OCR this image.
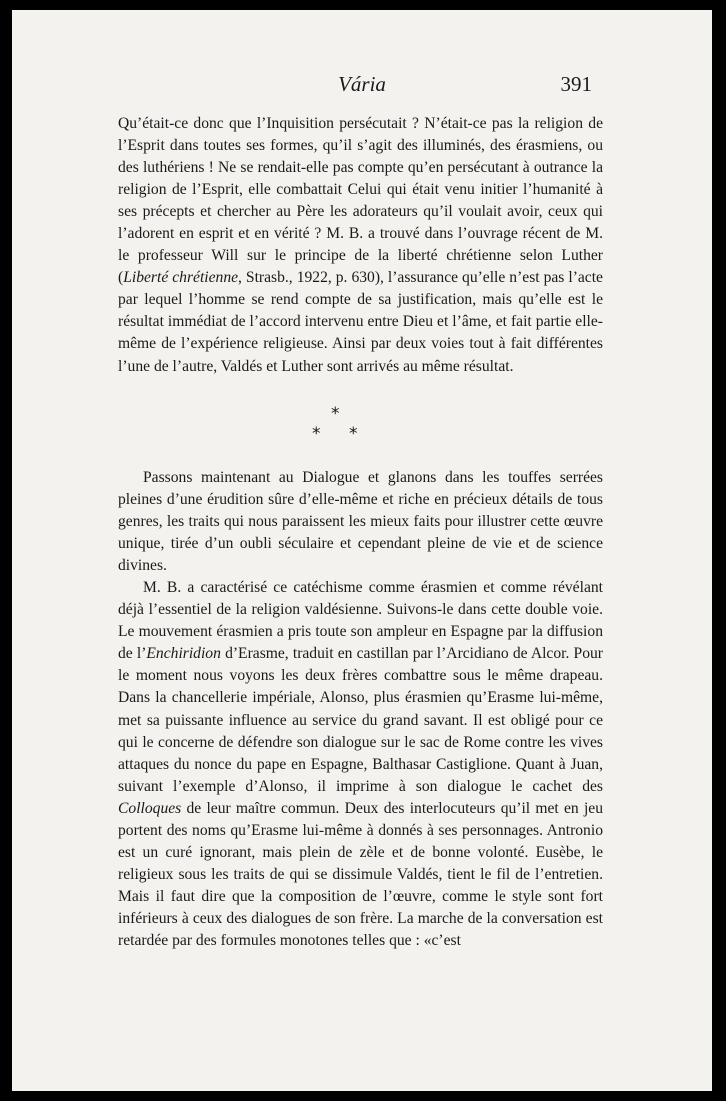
Vária	391

Qu’était-ce donc que l’Inquisition persécutait ? N’était-ce pas la religion de l’Esprit dans toutes ses formes, qu’il s’agit des illuminés, des érasmiens, ou des luthériens ! Ne se rendait-elle pas compte qu’en persécutant à outrance la religion de l’Esprit, elle combattait Celui qui était venu initier l’humanité à ses précepts et chercher au Père les adorateurs qu’il voulait avoir, ceux qui l’adorent en esprit et en vérité ? M. B. a trouvé dans l’ouvrage récent de M. le professeur Will sur le principe de la liberté chrétienne selon Luther (Liberté chrétienne, Strasb., 1922, p. 630), l’assurance qu’elle n’est pas l’acte par lequel l’homme se rend compte de sa justification, mais qu’elle est le résultat immédiat de l’accord intervenu entre Dieu et l’âme, et fait partie elle-même de l’expérience religieuse. Ainsi par deux voies tout à fait différentes l’une de l’autre, Valdés et Luther sont arrivés au même résultat.

*
* *

Passons maintenant au Dialogue et glanons dans les touffes serrées pleines d’une érudition sûre d’elle-même et riche en précieux détails de tous genres, les traits qui nous paraissent les mieux faits pour illustrer cette œuvre unique, tirée d’un oubli séculaire et cependant pleine de vie et de science divines.

M. B. a caractérisé ce catéchisme comme érasmien et comme révélant déjà l’essentiel de la religion valdésienne. Suivons-le dans cette double voie. Le mouvement érasmien a pris toute son ampleur en Espagne par la diffusion de l’Enchiridion d’Erasme, traduit en castillan par l’Arcidiano de Alcor. Pour le moment nous voyons les deux frères combattre sous le même drapeau. Dans la chancellerie impériale, Alonso, plus érasmien qu’Erasme lui-même, met sa puissante influence au service du grand savant. Il est obligé pour ce qui le concerne de défendre son dialogue sur le sac de Rome contre les vives attaques du nonce du pape en Espagne, Balthasar Castiglione. Quant à Juan, suivant l’exemple d’Alonso, il imprime à son dialogue le cachet des Colloques de leur maître commun. Deux des interlocuteurs qu’il met en jeu portent des noms qu’Erasme lui-même à donnés à ses personnages. Antronio est un curé ignorant, mais plein de zèle et de bonne volonté. Eusèbe, le religieux sous les traits de qui se dissimule Valdés, tient le fil de l’entretien. Mais il faut dire que la composition de l’œuvre, comme le style sont fort inférieurs à ceux des dialogues de son frère. La marche de la conversation est retardée par des formules monotones telles que : «c’est
